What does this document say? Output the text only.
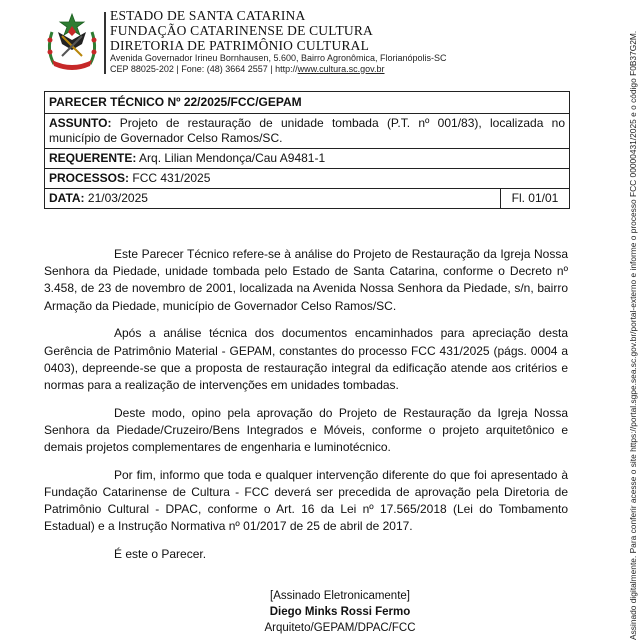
ESTADO DE SANTA CATARINA
FUNDAÇÃO CATARINENSE DE CULTURA
DIRETORIA DE PATRIMÔNIO CULTURAL
Avenida Governador Irineu Bornhausen, 5.600, Bairro Agronômica, Florianópolis-SC
CEP 88025-202 | Fone: (48) 3664 2557 | http://www.cultura.sc.gov.br
PARECER TÉCNICO Nº 22/2025/FCC/GEPAM
ASSUNTO: Projeto de restauração de unidade tombada (P.T. nº 001/83), localizada no município de Governador Celso Ramos/SC.
REQUERENTE: Arq. Lilian Mendonça/Cau A9481-1
PROCESSOS: FCC 431/2025
DATA: 21/03/2025	Fl. 01/01

Este Parecer Técnico refere-se à análise do Projeto de Restauração da Igreja Nossa Senhora da Piedade, unidade tombada pelo Estado de Santa Catarina, conforme o Decreto nº 3.458, de 23 de novembro de 2001, localizada na Avenida Nossa Senhora da Piedade, s/n, bairro Armação da Piedade, município de Governador Celso Ramos/SC.

Após a análise técnica dos documentos encaminhados para apreciação desta Gerência de Patrimônio Material - GEPAM, constantes do processo FCC 431/2025 (págs. 0004 a 0403), depreende-se que a proposta de restauração integral da edificação atende aos critérios e normas para a realização de intervenções em unidades tombadas.

Deste modo, opino pela aprovação do Projeto de Restauração da Igreja Nossa Senhora da Piedade/Cruzeiro/Bens Integrados e Móveis, conforme o projeto arquitetônico e demais projetos complementares de engenharia e luminotécnico.

Por fim, informo que toda e qualquer intervenção diferente do que foi apresentado à Fundação Catarinense de Cultura - FCC deverá ser precedida de aprovação pela Diretoria de Patrimônio Cultural - DPAC, conforme o Art. 16 da Lei nº 17.565/2018 (Lei do Tombamento Estadual) e a Instrução Normativa nº 01/2017 de 25 de abril de 2017.

É este o Parecer.

[Assinado Eletronicamente]
Diego Minks Rossi Fermo
Arquiteto/GEPAM/DPAC/FCC	Assinado digitalmente. Para conferir acesse o site https://portal.sgpe.sea.sc.gov.br/portal-externo e informe o processo FCC 00000431/2025 e o código F0B37G2M.
